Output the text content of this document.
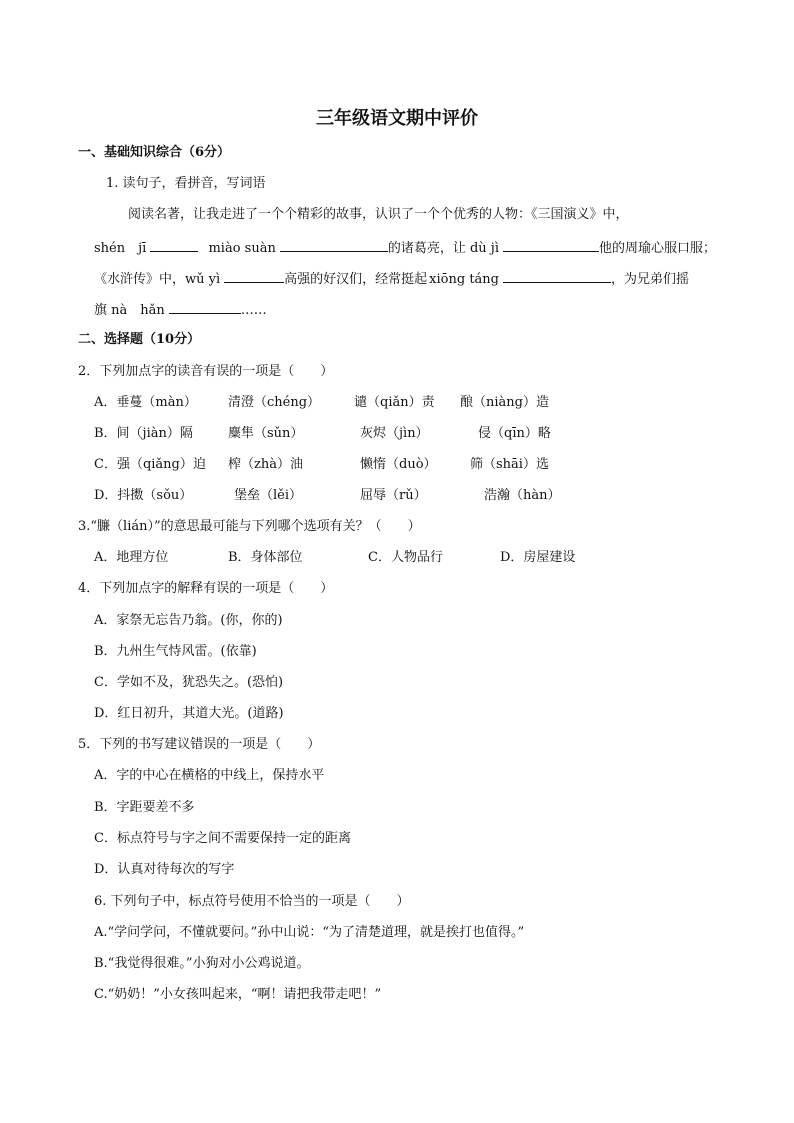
三年级语文期中评价
一、基础知识综合（6分）
1. 读句子，看拼音，写词语
阅读名著，让我走进了一个个精彩的故事，认识了一个个优秀的人物：《三国演义》中，
shén　jī	miào suàn	的诸葛亮，让 dù jì	他的周瑜心服口服；
《水浒传》中，wǔ yì	高强的好汉们，经常挺起 xiōng táng	，为兄弟们摇
旗 nà　hǎn	……
二、选择题（10分）
2．下列加点字的读音有误的一项是（　　）
A．垂蔓（màn） 清澄（chéng）	谴（qiǎn）责 酿（niàng）造
B．间（jiàn）隔	麋隼（sǔn）	灰烬（jìn）	侵（qīn）略
C．强（qiǎng）迫 榨（zhà）油	懒惰（duò）	筛（shāi）选
D．抖擞（sǒu）	堡垒（lěi）	屈辱（rǔ）	浩瀚（hàn）
3.“臁（lián）”的意思最可能与下列哪个选项有关？（　　）
A．地理方位	B．身体部位	C．人物品行	D．房屋建设
4．下列加点字的解释有误的一项是（　　）
A．家祭无忘告乃翁。(你，你的)
B．九州生气恃风雷。(依靠)
C．学如不及，犹恐失之。(恐怕)
D．红日初升，其道大光。(道路)
5．下列的书写建议错误的一项是（　　）
A．字的中心在横格的中线上，保持水平
B．字距要差不多
C．标点符号与字之间不需要保持一定的距离
D．认真对待每次的写字
6. 下列句子中，标点符号使用不恰当的一项是（　　）
A.“学问学问，不懂就要问。”孙中山说：“为了清楚道理，就是挨打也值得。”
B.“我觉得很难。”小狗对小公鸡说道。
C.“奶奶！”小女孩叫起来，“啊！请把我带走吧！”
